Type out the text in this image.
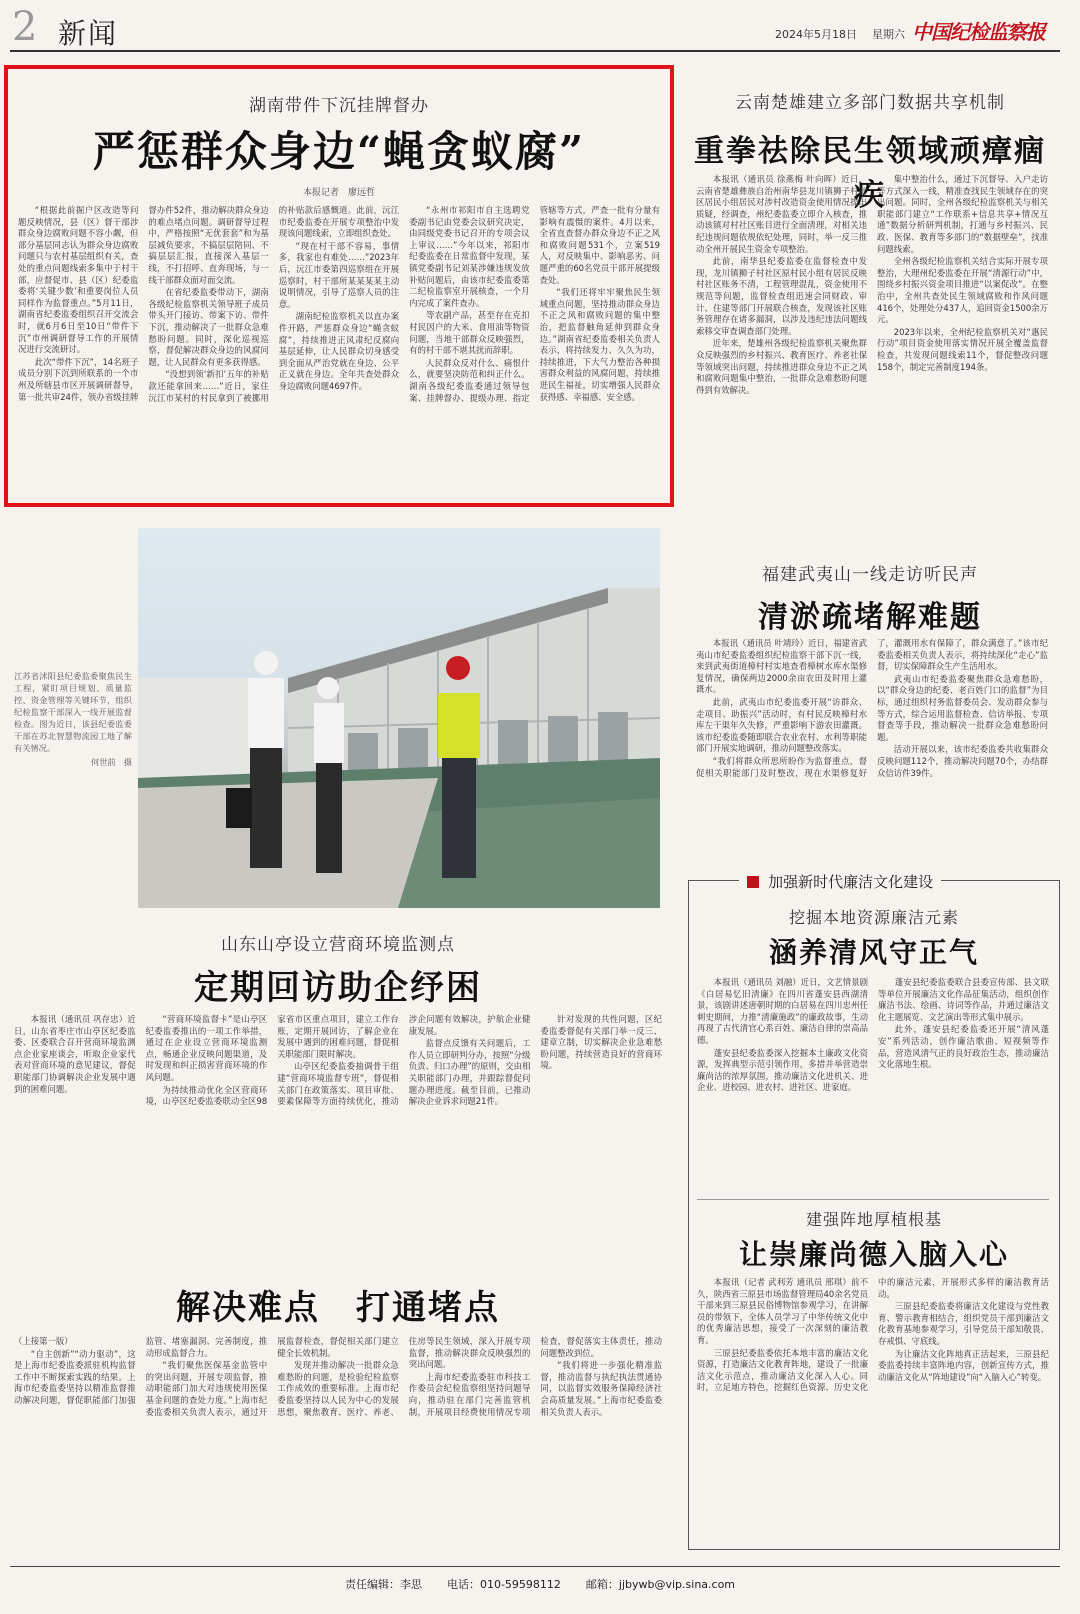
2 新闻	2024年5月18日 星期六 中国纪检监察报
湖南带件下沉挂牌督办
严惩群众身边“蝇贪蚁腐”
本报记者　廖远哲

“根据此前掘户区改造等问题反映情况，县（区）督干部涉群众身边腐败问题不容小觑，但部分基层同志认为群众身边腐败问题只与农村基层组织有关，查处的重点问题线索多集中于村干部，应督促市、县（区）纪委监委将‘关键少数’和重要岗位人员同样作为监督重点。”5月11日，湖南省纪委监委组织召开交流会时，就6月6日至10日“带件下沉”市州调研督导工作的开展情况进行交流研讨。

此次“带件下沉”，14名班子成员分别下沉到所联系的一个市州及所辖县市区开展调研督导，第一批共审24件，领办省级挂牌督办件52件，推动解决群众身边的难点堵点问题。调研督导过程中，严格按照“无优套套”和为基层减负要求，不搞层层陪同、不搞层层汇报，直接深入基层一线，不打招呼、直奔现场，与一线干部群众面对面交流。

在省纪委监委带动下，湖南各级纪检监察机关领导班子成员带头开门接访、带案下访、带件下沉，推动解决了一批群众急难愁盼问题。同时，深化巡视巡察，督促解决群众身边的风腐问题，让人民群众有更多获得感。

“没想到领‘新扣’五年的补贴款还能拿回来……”近日，家住沅江市某村的村民拿到了被挪用的补贴款后感慨道。此前，沅江市纪委监委在开展专项整治中发现该问题线索，立即组织查处。

“现在村干部不容易，事情多，我家也有难处……”2023年后，沅江市委第四巡察组在开展巡察时，村干部所某某某某主动说明情况，引导了巡察人员的注意。

湖南纪检监察机关以直办案件开路，严惩群众身边“蝇贪蚁腐”，持续推进正风肃纪反腐向基层延伸，让人民群众切身感受到全面从严治党就在身边、公平正义就在身边。全年共查处群众身边腐败问题4697件。

“永州市祁阳市自主选聘党委副书记由党委会议研究决定，由同级党委书记召开的专项会议上审议……”今年以来，祁阳市纪委监委在日常监督中发现，某镇党委副书记刘某涉嫌违规发放补贴问题后，由该市纪委监委第二纪检监察室开展核查，一个月内完成了案件查办。

等农副产品，甚至存在克扣村民因户的大米、食用油等物资问题，当地干部群众反映强烈，有的村干部不堪其扰而辞职。

人民群众反对什么、痛恨什么，就要坚决防范和纠正什么。湖南各级纪委监委通过领导包案、挂牌督办、提级办理、指定管辖等方式，严查一批有分量有影响有震慑的案件。4月以来，全省直查督办群众身边不正之风和腐败问题531个，立案519人，对反映集中、影响恶劣、问题严重的60名党员干部开展提级查处。

“我们还将牢牢聚焦民生领域重点问题，坚持推动群众身边不正之风和腐败问题的集中整治，把监督触角延伸到群众身边。”湖南省纪委监委相关负责人表示，将持续发力、久久为功，持续推进，下大气力整治各种损害群众利益的风腐问题，持续推进民生福祉，切实增强人民群众获得感、幸福感、安全感。

云南楚雄建立多部门数据共享机制
重拳祛除民生领域顽瘴痼疾

本报讯（通讯员 徐燕梅 叶向晖）近日，云南省楚雄彝族自治州南华县龙川镇狮子村社区居民小组居民对涉村改造资金使用情况提出质疑，经调查，州纪委监委立即介入核查，推动该镇对村社区账目进行全面清理，对相关违纪违规问题依规依纪处理，同时，举一反三推动全州开展民生资金专项整治。

此前，南华县纪委监委在监督检查中发现，龙川镇狮子村社区原村民小组有居民反映村社区账务不清，工程管理混乱，资金使用不规范等问题，监督检查组迅速会同财政、审计、住建等部门开展联合核查，发现该社区账务管理存在诸多漏洞，以涉及违纪违法问题线索移交审查调查部门处理。

近年来，楚雄州各级纪检监察机关聚焦群众反映强烈的乡村振兴、教育医疗、养老社保等领域突出问题，持续推进群众身边不正之风和腐败问题集中整治，一批群众急难愁盼问题得到有效解决。

集中整治什么，通过下沉督导、入户走访等方式深入一线，精准查找民生领域存在的突出问题。同时，全州各级纪检监察机关与相关职能部门建立“工作联系+信息共享+情况互通”数据分析研判机制，打通与乡村振兴、民政、医保、教育等多部门的“数据壁垒”，找准问题线索。

全州各级纪检监察机关结合实际开展专项整治，大理州纪委监委在开展“清源行动”中，围绕乡村振兴资金项目推进“以案促改”。在整治中，全州共查处民生领域腐败和作风问题416个，处理处分437人，追回资金1500余万元。

2023年以来，全州纪检监察机关对“惠民行动”项目资金使用落实情况开展全覆盖监督检查，共发现问题线索11个，督促整改问题158个，制定完善制度194条。

江苏省沭阳县纪委监委聚焦民生工程，紧盯项目规划、质量监控、资金管理等关键环节，组织纪检监察干部深入一线开展监督检查。图为近日，该县纪委监委干部在苏北智慧物流园工地了解有关情况。
何世前　摄
福建武夷山一线走访听民声
清淤疏堵解难题

本报讯（通讯员 叶靖玲）近日，福建省武夷山市纪委监委组织纪检监察干部下沉一线，来到武夷街道樟村村实地查看樟树水库水渠修复情况，确保两边2000余亩农田及时用上灌溉水。

此前，武夷山市纪委监委开展“访群众、走项目、助振兴”活动时，有村民反映樟村水库左干渠年久失修，严重影响下游农田灌溉。该市纪委监委随即联合农业农村、水利等职能部门开展实地调研，推动问题整改落实。

“我们将群众所思所盼作为监督重点，督促相关职能部门及时整改，现在水渠修复好了，灌溉用水有保障了，群众满意了。”该市纪委监委相关负责人表示，将持续深化“走心”监督，切实保障群众生产生活用水。

武夷山市纪委监委聚焦群众急难愁盼，以“群众身边的纪委、老百姓门口的监督”为目标，通过组织村务监督委员会、发动群众参与等方式，综合运用监督检查、信访举报、专项督查等手段，推动解决一批群众急难愁盼问题。

活动开展以来，该市纪委监委共收集群众反映问题112个，推动解决问题70个，办结群众信访件39件。

加强新时代廉洁文化建设
挖掘本地资源廉洁元素
涵养清风守正气

本报讯（通讯员 刘融）近日，文艺情景剧《白居易忆旧清廉》在四川省蓬安县西湖清景，该剧讲述唐朝时期的白居易在四川忠州任刺史期间，力推“清廉施政”的廉政故事，生动再现了古代清官心系百姓、廉洁自律的崇高品德。

蓬安县纪委监委深入挖掘本土廉政文化资源，发挥典型示范引领作用，多措并举营造崇廉尚洁的浓厚氛围，推动廉洁文化进机关、进企业、进校园、进农村、进社区、进家庭。

蓬安县纪委监委联合县委宣传部、县文联等单位开展廉洁文化作品征集活动，组织创作廉洁书法、绘画、诗词等作品，并通过廉洁文化主题展览、文艺演出等形式集中展示。

此外，蓬安县纪委监委还开展“清风蓬安”系列活动，创作廉洁歌曲、短视频等作品，营造风清气正的良好政治生态，推动廉洁文化落地生根。

建强阵地厚植根基
让崇廉尚德入脑入心

本报讯（记者 武利芳 通讯员 邢琪）前不久，陕西省三原县市场监督管理局40余名党员干部来到三原县民俗博物馆参观学习，在讲解员的带领下，全体人员学习了中华传统文化中的优秀廉洁思想，接受了一次深刻的廉洁教育。

三原县纪委监委依托本地丰富的廉洁文化资源，打造廉洁文化教育阵地，建设了一批廉洁文化示范点，推动廉洁文化深入人心。同时，立足地方特色，挖掘红色资源、历史文化中的廉洁元素，开展形式多样的廉洁教育活动。

三原县纪委监委将廉洁文化建设与党性教育、警示教育相结合，组织党员干部到廉洁文化教育基地参观学习，引导党员干部知敬畏、存戒惧、守底线。

为让廉洁文化阵地真正活起来，三原县纪委监委持续丰富阵地内容，创新宣传方式，推动廉洁文化从“阵地建设”向“入脑入心”转变。

山东山亭设立营商环境监测点
定期回访助企纾困

本报讯（通讯员 巩存忠）近日，山东省枣庄市山亭区纪委监委、区委联合召开营商环境监测点企业家座谈会，听取企业家代表对营商环境的意见建议，督促职能部门协调解决企业发展中遇到的困难问题。

“营商环境监督卡”是山亭区纪委监委推出的一项工作举措，通过在企业设立营商环境监测点，畅通企业反映问题渠道，及时发现和纠正损害营商环境的作风问题。

为持续推动优化全区营商环境，山亭区纪委监委联动全区98家省市区重点项目，建立工作台账，定期开展回访，了解企业在发展中遇到的困难问题，督促相关职能部门限时解决。

山亭区纪委监委抽调骨干组建“营商环境监督专班”，督促相关部门在政策落实、项目审批、要素保障等方面持续优化，推动涉企问题有效解决，护航企业健康发展。

监督点反馈有关问题后，工作人员立即研判分办，按照“分级负责、归口办理”的原则，交由相关职能部门办理，并跟踪督促问题办理进度。截至目前，已推动解决企业诉求问题21件。

针对发现的共性问题，区纪委监委督促有关部门举一反三、建章立制，切实解决企业急难愁盼问题，持续营造良好的营商环境。

解决难点　打通堵点

（上接第一版）

“自主创新”“动力驱动”，这是上海市纪委监委派驻机构监督工作中不断探索实践的结果。上海市纪委监委坚持以精准监督推动解决问题，督促职能部门加强监管、堵塞漏洞、完善制度，推动形成监督合力。

“我们聚焦医保基金监管中的突出问题，开展专项监督，推动职能部门加大对违规使用医保基金问题的查处力度。”上海市纪委监委相关负责人表示，通过开展监督检查，督促相关部门建立健全长效机制。

发现并推动解决一批群众急难愁盼的问题，是检验纪检监察工作成效的重要标准。上海市纪委监委坚持以人民为中心的发展思想，聚焦教育、医疗、养老、住房等民生领域，深入开展专项监督，推动解决群众反映强烈的突出问题。

上海市纪委监委驻市科技工作委员会纪检监察组坚持问题导向，推动驻在部门完善监管机制，开展项目经费使用情况专项检查，督促落实主体责任，推动问题整改到位。

“我们将进一步强化精准监督，推动监督与执纪执法贯通协同，以监督实效服务保障经济社会高质量发展。”上海市纪委监委相关负责人表示。

责任编辑：李思 电话：010-59598112 邮箱：jjbywb@vip.sina.com
